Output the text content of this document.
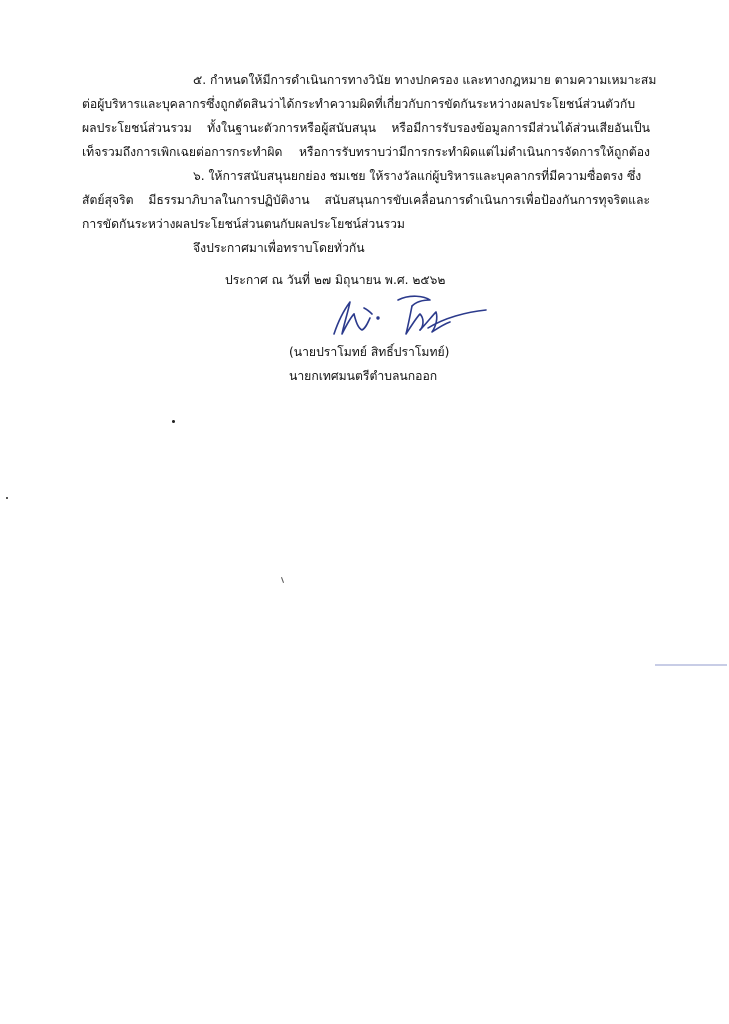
๕. กำหนดให้มีการดำเนินการทางวินัย ทางปกครอง และทางกฎหมาย ตามความเหมาะสม
ต่อผู้บริหารและบุคลากรซึ่งถูกตัดสินว่าได้กระทำความผิดที่เกี่ยวกับการขัดกันระหว่างผลประโยชน์ส่วนตัวกับ
ผลประโยชน์ส่วนรวม ทั้งในฐานะตัวการหรือผู้สนับสนุน หรือมีการรับรองข้อมูลการมีส่วนได้ส่วนเสียอันเป็น
เท็จรวมถึงการเพิกเฉยต่อการกระทำผิด หรือการรับทราบว่ามีการกระทำผิดแต่ไม่ดำเนินการจัดการให้ถูกต้อง
๖. ให้การสนับสนุนยกย่อง ชมเชย ให้รางวัลแก่ผู้บริหารและบุคลากรที่มีความซื่อตรง ซึ่ง
สัตย์สุจริต มีธรรมาภิบาลในการปฏิบัติงาน สนับสนุนการขับเคลื่อนการดำเนินการเพื่อป้องกันการทุจริตและ
การขัดกันระหว่างผลประโยชน์ส่วนตนกับผลประโยชน์ส่วนรวม
จึงประกาศมาเพื่อทราบโดยทั่วกัน
ประกาศ ณ วันที่ ๒๗ มิถุนายน พ.ศ. ๒๕๖๒
(นายปราโมทย์ สิทธิ์ปราโมทย์)
นายกเทศมนตรีตำบลนกออก
